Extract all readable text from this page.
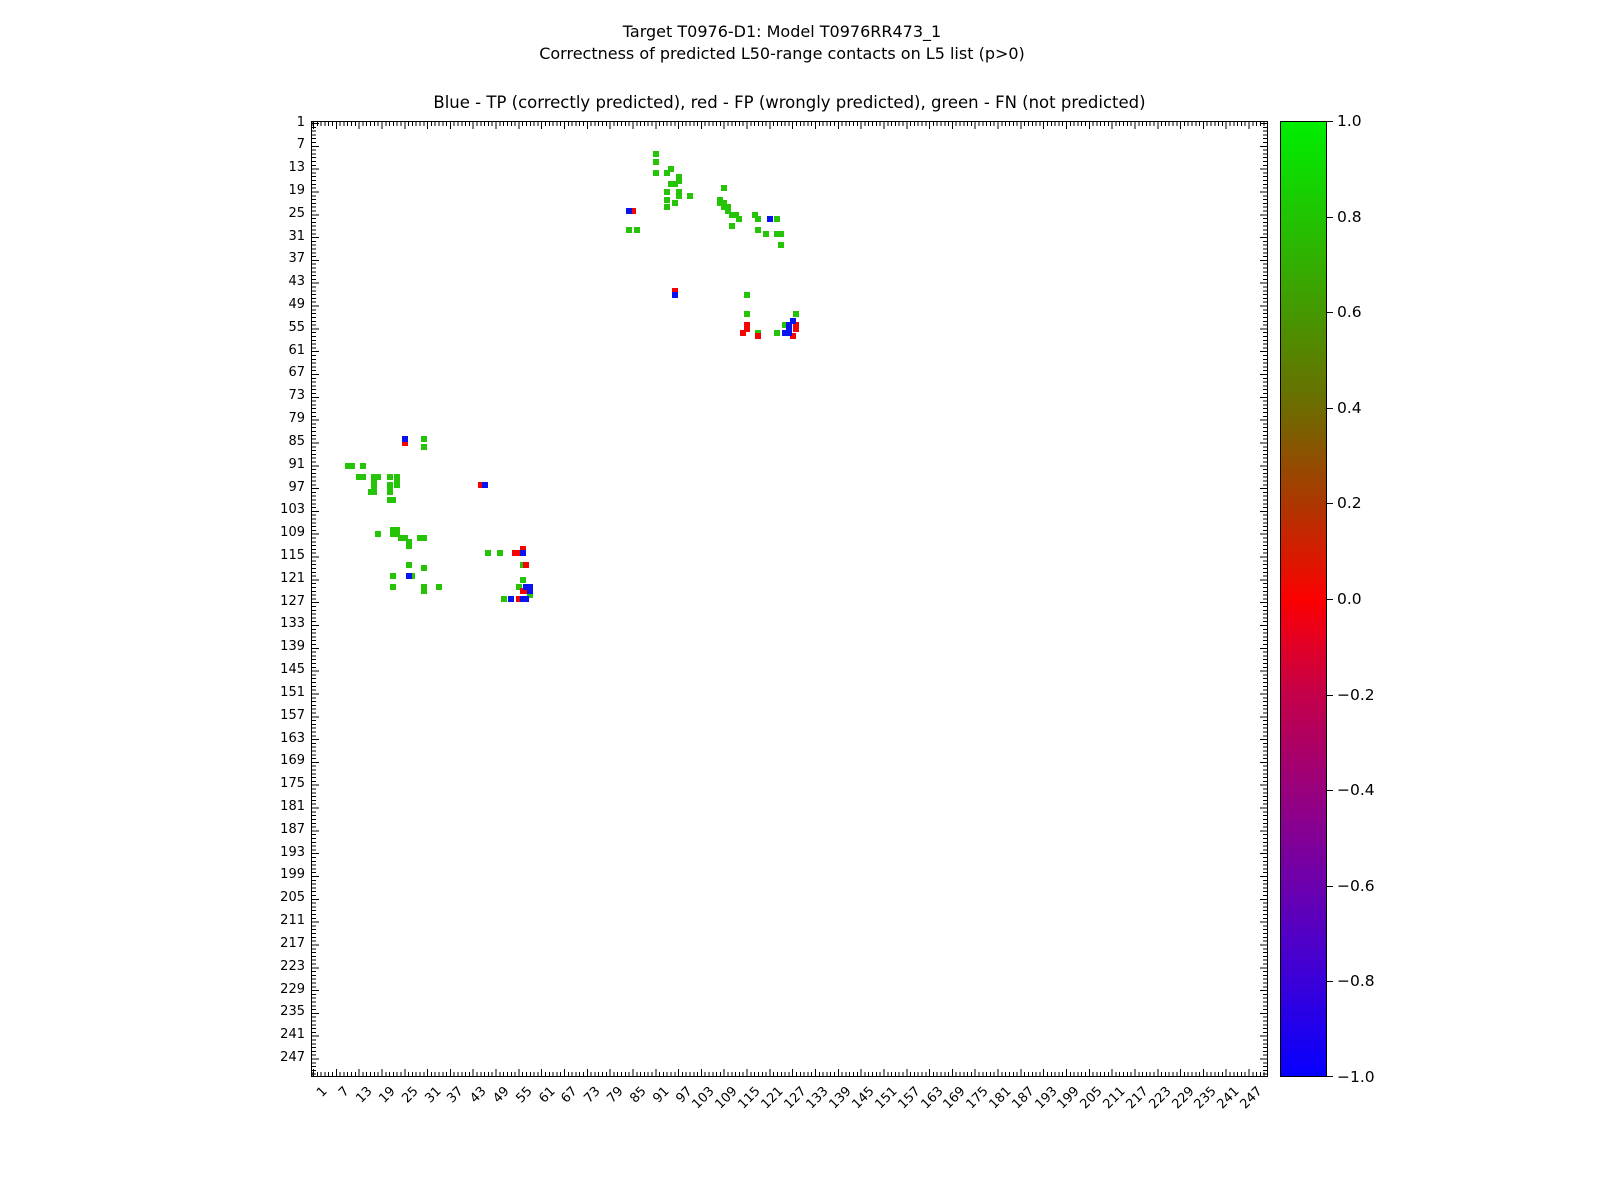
Target T0976-D1: Model T0976RR473_1
Correctness of predicted L50-range contacts on L5 list (p>0)
Blue - TP (correctly predicted), red - FP (wrongly predicted), green - FN (not predicted)
1
7
13
19
25
31
37
43
49
55
61
67
73
79
85
91
97
103
109
115
121
127
133
139
145
151
157
163
169
175
181
187
193
199
205
211
217
223
229
235
241
247
1 7 13 19 25 31 37 43 49 55 61 67 73 79 85 91 97
103
109
115
121
127
133
139
145
151
157
163
169
175
181
187
193
199
205
211
217
223
229
235
241
247
1.0
0.8
0.6
0.4
0.2
0.0
−0.2
−0.4
−0.6
−0.8
−1.0
